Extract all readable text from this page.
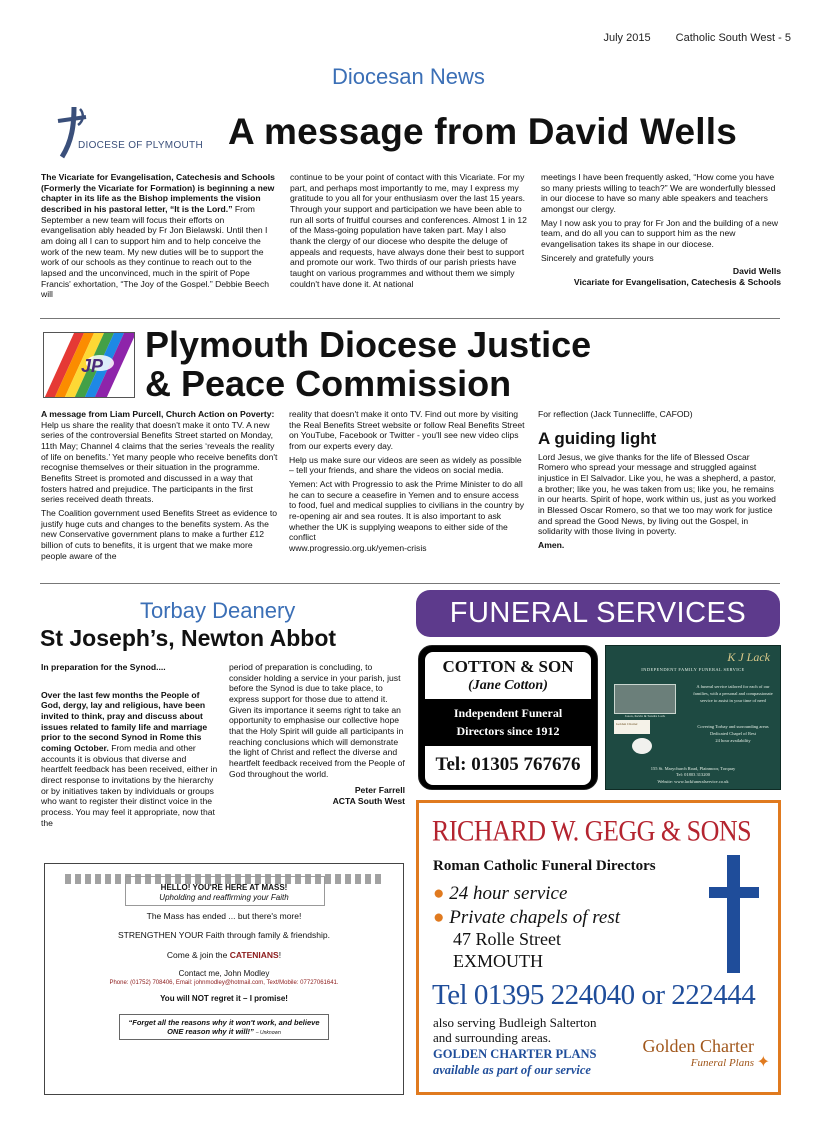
July 2015 Catholic South West - 5
Diocesan News
DIOCESE OF PLYMOUTH A message from David Wells

The Vicariate for Evangelisation, Catechesis and Schools (Formerly the Vicariate for Formation) is beginning a new chapter in its life as the Bishop implements the vision described in his pastoral letter, “It is the Lord.” From September a new team will focus their efforts on evangelisation ably headed by Fr Jon Bielawski. Until then I am doing all I can to support him and to help conceive the work of the new team. My new duties will be to support the work of our schools as they continue to reach out to the lapsed and the unconvinced, much in the spirit of Pope Francis' exhortation, “The Joy of the Gospel.” Debbie Beech will

continue to be your point of contact with this Vicariate. For my part, and perhaps most importantly to me, may I express my gratitude to you all for your enthusiasm over the last 15 years. Through your support and participation we have been able to run all sorts of fruitful courses and conferences. Almost 1 in 12 of the Mass-going population have taken part. May I also thank the clergy of our diocese who despite the deluge of appeals and requests, have always done their best to support and promote our work. Two thirds of our parish priests have taught on various programmes and without them we simply couldn't have done it. At national

meetings I have been frequently asked, “How come you have so many priests willing to teach?” We are wonderfully blessed in our diocese to have so many able speakers and teachers amongst our clergy.

May I now ask you to pray for Fr Jon and the building of a new team, and do all you can to support him as the new evangelisation takes its shape in our diocese.

Sincerely and gratefully yours

David Wells
Vicariate for Evangelisation, Catechesis & Schools
JP
Plymouth Diocese Justice
& Peace Commission

A message from Liam Purcell, Church Action on Poverty: Help us share the reality that doesn't make it onto TV. A new series of the controversial Benefits Street started on Monday, 11th May; Channel 4 claims that the series ‘reveals the reality of life on benefits.’ Yet many people who receive benefits don't recognise themselves or their situation in the programme. Benefits Street is promoted and discussed in a way that fosters hatred and prejudice. The participants in the first series received death threats.

The Coalition government used Benefits Street as evidence to justify huge cuts and changes to the benefits system. As the new Conservative government plans to make a further £12 billion of cuts to benefits, it is urgent that we make more people aware of the

reality that doesn't make it onto TV. Find out more by visiting the Real Benefits Street website or follow Real Benefits Street on YouTube, Facebook or Twitter - you'll see new video clips from our experts every day.

Help us make sure our videos are seen as widely as possible – tell your friends, and share the videos on social media.

Yemen: Act with Progressio to ask the Prime Minister to do all he can to secure a ceasefire in Yemen and to ensure access to food, fuel and medical supplies to civilians in the country by re-opening air and sea routes. It is also important to ask whether the UK is supplying weapons to either side of the conflict
www.progressio.org.uk/yemen-crisis

For reflection (Jack Tunnecliffe, CAFOD)

A guiding light

Lord Jesus, we give thanks for the life of Blessed Oscar Romero who spread your message and struggled against injustice in El Salvador. Like you, he was a shepherd, a pastor, a brother; like you, he was taken from us; like you, he remains in our hearts. Spirit of hope, work within us, just as you worked in Blessed Oscar Romero, so that we too may work for justice and spread the Good News, by living out the Gospel, in solidarity with those living in poverty.

Amen.
Torbay Deanery
St Joseph’s, Newton Abbot

In preparation for the Synod....

Over the last few months the People of God, dergy, lay and religious, have been invited to think, pray and discuss about issues related to family life and marriage prior to the second Synod in Rome this coming October. From media and other accounts it is obvious that diverse and heartfelt feedback has been received, either in direct response to invitations by the hierarchy or by initiatives taken by individuals or groups who want to register their distinct voice in the process. You may feel it appropriate, now that the

period of preparation is concluding, to consider holding a service in your parish, just before the Synod is due to take place, to express support for those due to attend it. Given its importance it seems right to take an opportunity to emphasise our collective hope that the Holy Spirit will guide all participants in reaching conclusions which will demonstrate the light of Christ and reflect the diverse and heartfelt feedback received from the People of God throughout the world.

Peter Farrell
ACTA South West
HELLO! YOU'RE HERE AT MASS!
Upholding and reaffirming your Faith
The Mass has ended ... but there's more!
STRENGTHEN YOUR Faith through family & friendship.
Come & join the CATENIANS!
Contact me, John Modley
Phone: (01752) 708406, Email: johnmodley@hotmail.com, Text/Mobile: 07727061641.
You will NOT regret it – I promise!
“Forget all the reasons why it won't work, and believe ONE reason why it will!” – Unknown
FUNERAL SERVICES
COTTON & SON
(Jane Cotton)
Independent Funeral
Directors since 1912
Tel: 01305 767676
K J Lack
INDEPENDENT FAMILY FUNERAL SERVICE
Jason, Kevin & Sandra Lack
Golden Charter
A funeral service tailored for each of our families, with a personal and compassionate service to assist in your time of need
Covering Torbay and surrounding areas
Dedicated Chapel of Rest
24 hour availability
155 St. Marychurch Road, Plainmoor, Torquay
Tel: 01803 313200
Website: www.lackfuneralservice.co.uk
RICHARD W. GEGG & SONS
Roman Catholic Funeral Directors
● 24 hour service
● Private chapels of rest
47 Rolle Street
EXMOUTH
Tel 01395 224040 or 222444
also serving Budleigh Salterton
and surrounding areas.	Golden Charter
Funeral Plans ✦
GOLDEN CHARTER PLANS
available as part of our service
